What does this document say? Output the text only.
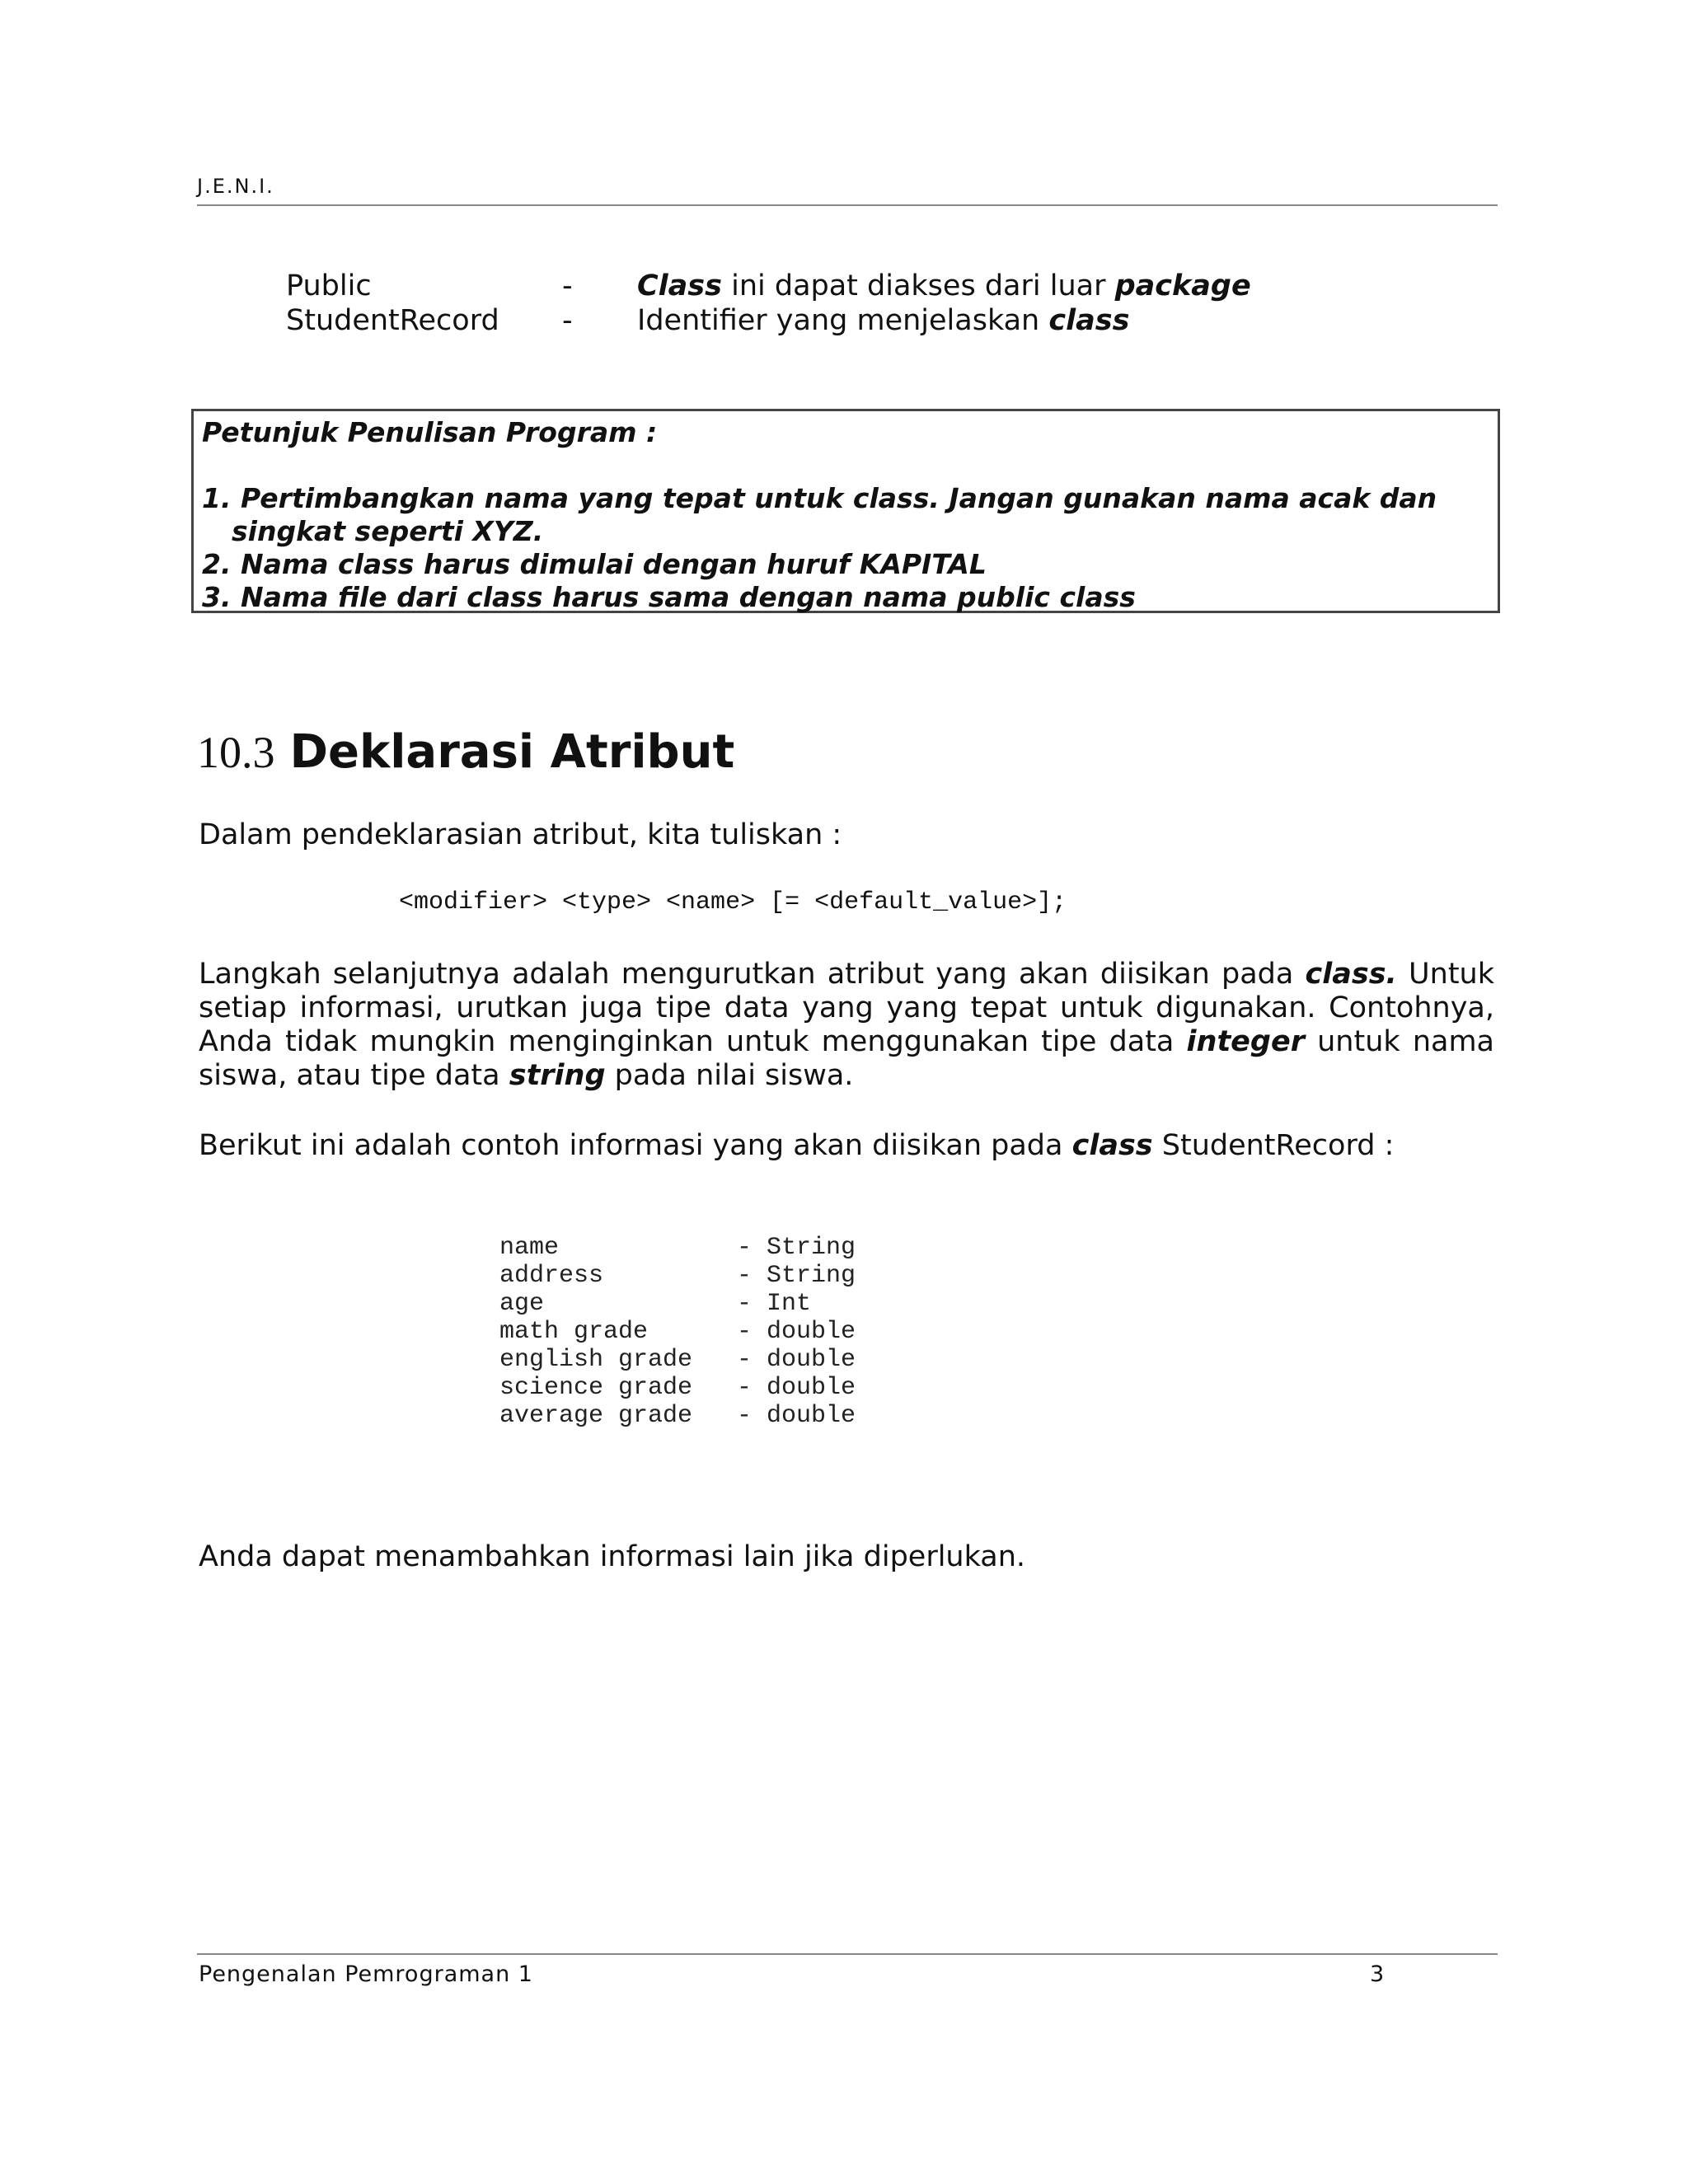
J.E.N.I.
Public	- Class ini dapat diakses dari luar package
StudentRecord - Identifier yang menjelaskan class
Petunjuk Penulisan Program :
1. Pertimbangkan nama yang tepat untuk class. Jangan gunakan nama acak dan
singkat seperti XYZ.
2. Nama class harus dimulai dengan huruf KAPITAL
3. Nama file dari class harus sama dengan nama public class
10.3 Deklarasi Atribut
Dalam pendeklarasian atribut, kita tuliskan :
<modifier> <type> <name> [= <default_value>];
Langkah selanjutnya adalah mengurutkan atribut yang akan diisikan pada class. Untuk setiap informasi, urutkan juga tipe data yang yang tepat untuk digunakan. Contohnya, Anda tidak mungkin menginginkan untuk menggunakan tipe data integer untuk nama siswa, atau tipe data string pada nilai siswa.
Berikut ini adalah contoh informasi yang akan diisikan pada class StudentRecord :
name	- String
address	- String
age	- Int
math grade	- double
english grade - double
science grade - double
average grade - double
Anda dapat menambahkan informasi lain jika diperlukan.
Pengenalan Pemrograman 1	3
